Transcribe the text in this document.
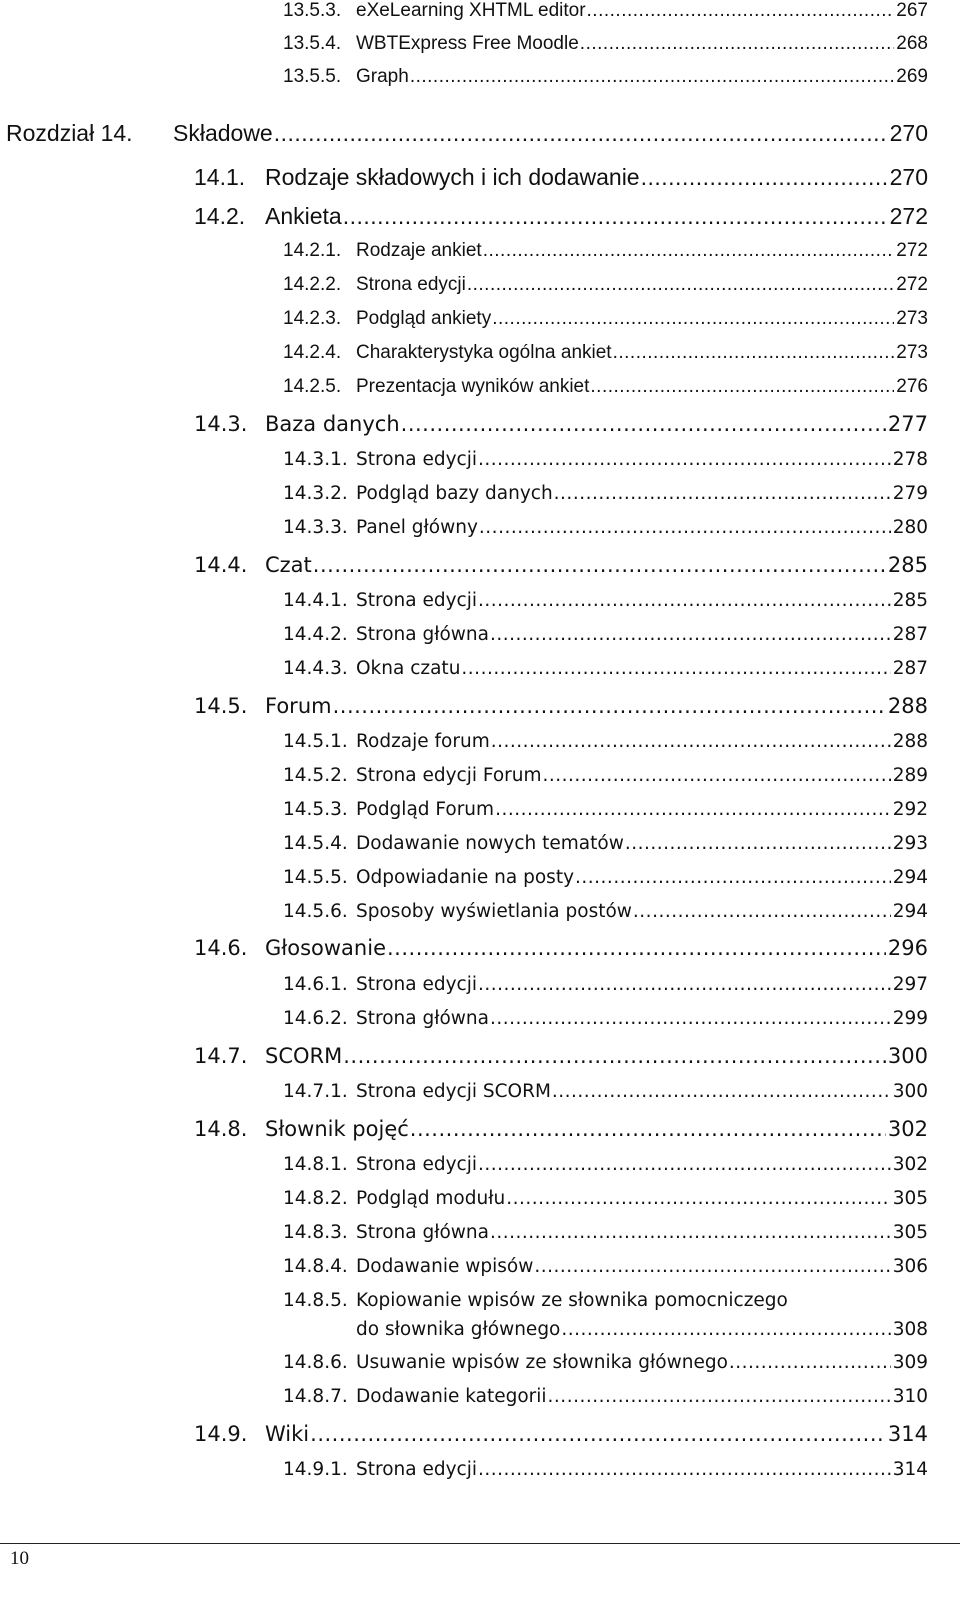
13.5.3. eXeLearning XHTML editor .....	267
13.5.4. WBTExpress Free Moodle .....	268
13.5.5. Graph .....	269
Rozdział 14.	Składowe .....	270
14.1. Rodzaje składowych i ich dodawanie .....	270
14.2. Ankieta .....	272
14.2.1. Rodzaje ankiet .....	272
14.2.2. Strona edycji .....	272
14.2.3. Podgląd ankiety .....	273
14.2.4. Charakterystyka ogólna ankiet .....	273
14.2.5. Prezentacja wyników ankiet .....	276
14.3. Baza danych .....	277
14.3.1. Strona edycji .....	278
14.3.2. Podgląd bazy danych .....	279
14.3.3. Panel główny .....	280
14.4. Czat .....	285
14.4.1. Strona edycji .....	285
14.4.2. Strona główna .....	287
14.4.3. Okna czatu .....	287
14.5. Forum .....	288
14.5.1. Rodzaje forum .....	288
14.5.2. Strona edycji Forum .....	289
14.5.3. Podgląd Forum .....	292
14.5.4. Dodawanie nowych tematów .....	293
14.5.5. Odpowiadanie na posty .....	294
14.5.6. Sposoby wyświetlania postów .....	294
14.6. Głosowanie .....	296
14.6.1. Strona edycji .....	297
14.6.2. Strona główna .....	299
14.7. SCORM .....	300
14.7.1. Strona edycji SCORM .....	300
14.8. Słownik pojęć .....	302
14.8.1. Strona edycji .....	302
14.8.2. Podgląd modułu .....	305
14.8.3. Strona główna .....	305
14.8.4. Dodawanie wpisów .....	306
14.8.5. Kopiowanie wpisów ze słownika pomocniczego
do słownika głównego .....	308
14.8.6. Usuwanie wpisów ze słownika głównego .....	309
14.8.7. Dodawanie kategorii .....	310
14.9. Wiki .....	314
14.9.1. Strona edycji .....	314
10
